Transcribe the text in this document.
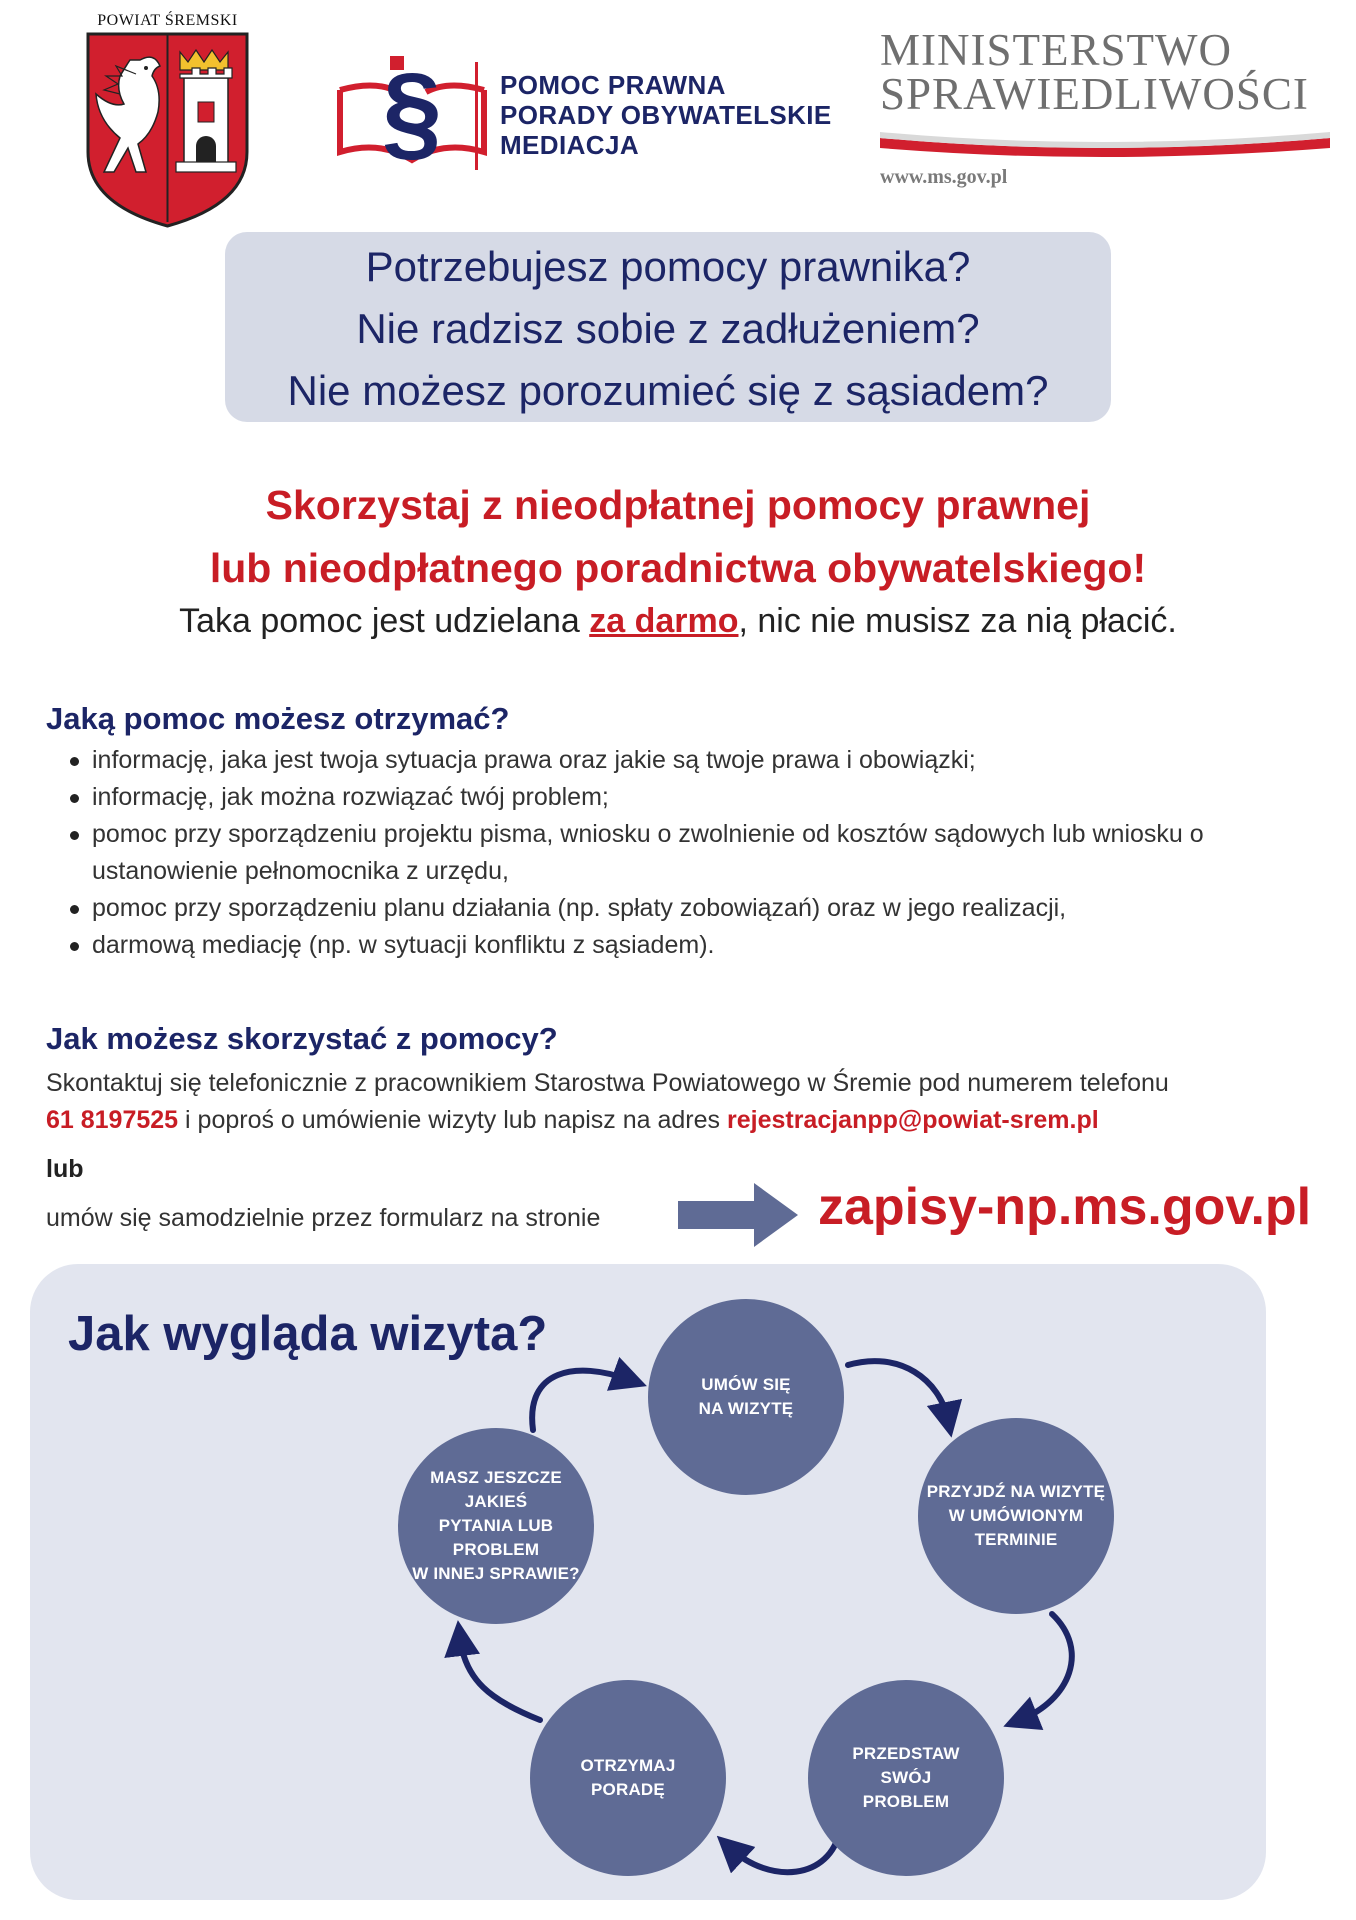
POWIAT ŚREMSKI
§ POMOC PRAWNA
PORADY OBYWATELSKIE
MEDIACJA
MINISTERSTWO
SPRAWIEDLIWOŚCI
www.ms.gov.pl
Potrzebujesz pomocy prawnika?
Nie radzisz sobie z zadłużeniem?
Nie możesz porozumieć się z sąsiadem?
Skorzystaj z nieodpłatnej pomocy prawnej
lub nieodpłatnego poradnictwa obywatelskiego!
Taka pomoc jest udzielana za darmo, nic nie musisz za nią płacić.
Jaką pomoc możesz otrzymać?
informację, jaka jest twoja sytuacja prawa oraz jakie są twoje prawa i obowiązki;
informację, jak można rozwiązać twój problem;
pomoc przy sporządzeniu projektu pisma, wniosku o zwolnienie od kosztów sądowych lub wniosku o ustanowienie pełnomocnika z urzędu,
pomoc przy sporządzeniu planu działania (np. spłaty zobowiązań) oraz w jego realizacji,
darmową mediację (np. w sytuacji konfliktu z sąsiadem).
Jak możesz skorzystać z pomocy?
Skontaktuj się telefonicznie z pracownikiem Starostwa Powiatowego w Śremie pod numerem telefonu
61 8197525 i poproś o umówienie wizyty lub napisz na adres rejestracjanpp@powiat-srem.pl
lub
umów się samodzielnie przez formularz na stronie	zapisy-np.ms.gov.pl
Jak wygląda wizyta?
UMÓW SIĘ
NA WIZYTĘ
PRZYJDŹ NA WIZYTĘ
W UMÓWIONYM
TERMINIE
PRZEDSTAW
SWÓJ
PROBLEM
OTRZYMAJ
PORADĘ
MASZ JESZCZE JAKIEŚ
PYTANIA LUB
PROBLEM
W INNEJ SPRAWIE?
